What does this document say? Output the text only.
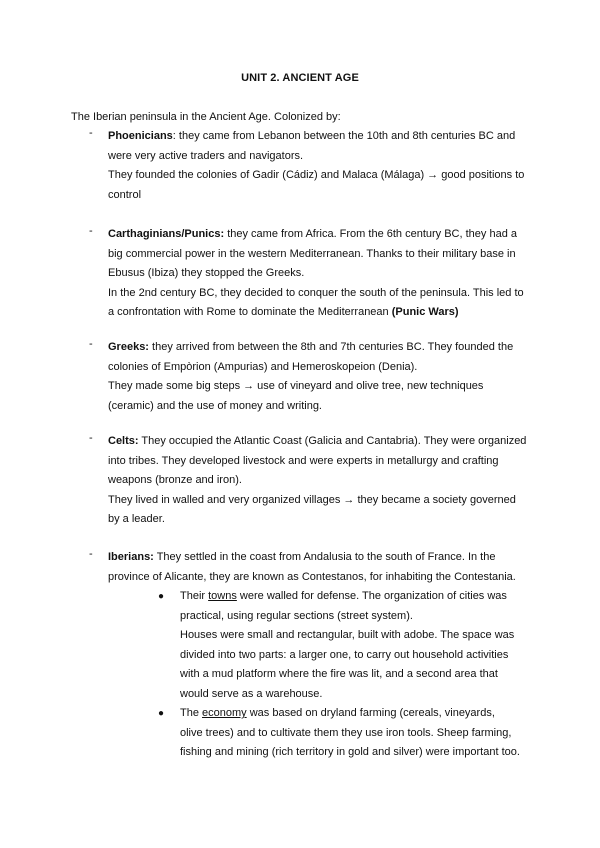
UNIT 2. ANCIENT AGE
The Iberian peninsula in the Ancient Age. Colonized by:
-	Phoenicians: they came from Lebanon between the 10th and 8th centuries BC and were very active traders and navigators.

They founded the colonies of Gadir (Cádiz) and Malaca (Málaga) → good positions to control

-	Carthaginians/Punics: they came from Africa. From the 6th century BC, they had a big commercial power in the western Mediterranean. Thanks to their military base in Ebusus (Ibiza) they stopped the Greeks.

In the 2nd century BC, they decided to conquer the south of the peninsula. This led to a confrontation with Rome to dominate the Mediterranean (Punic Wars)

-	Greeks: they arrived from between the 8th and 7th centuries BC. They founded the colonies of Empòrion (Ampurias) and Hemeroskopeion (Denia).

They made some big steps → use of vineyard and olive tree, new techniques (ceramic) and the use of money and writing.

-	Celts: They occupied the Atlantic Coast (Galicia and Cantabria). They were organized into tribes. They developed livestock and were experts in metallurgy and crafting weapons (bronze and iron).

They lived in walled and very organized villages → they became a society governed by a leader.

-	Iberians: They settled in the coast from Andalusia to the south of France. In the province of Alicante, they are known as Contestanos, for inhabiting the Contestania.

● Their towns were walled for defense. The organization of cities was practical, using regular sections (street system).

Houses were small and rectangular, built with adobe. The space was divided into two parts: a larger one, to carry out household activities with a mud platform where the fire was lit, and a second area that would serve as a warehouse.

● The economy was based on dryland farming (cereals, vineyards, olive trees) and to cultivate them they use iron tools. Sheep farming, fishing and mining (rich territory in gold and silver) were important too.
